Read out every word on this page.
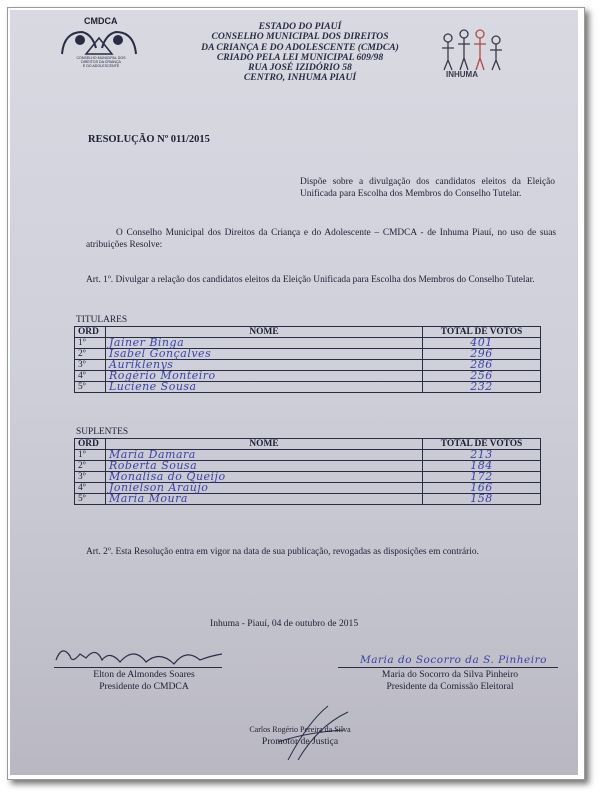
CMDCA
CONSELHO MUNICIPAL DOS
DIREITOS DA CRIANÇA
E DO ADOLESCENTE
ESTADO DO PIAUÍ
CONSELHO MUNICIPAL DOS DIREITOS
DA CRIANÇA E DO ADOLESCENTE (CMDCA)
CRIADO PELA LEI MUNICIPAL 609/98
RUA JOSÉ IZIDÓRIO 58
CENTRO, INHUMA PIAUÍ	INHUMA
RESOLUÇÃO Nº 011/2015
Dispõe sobre a divulgação dos candidatos eleitos da Eleição Unificada para Escolha dos Membros do Conselho Tutelar.
O Conselho Municipal dos Direitos da Criança e do Adolescente – CMDCA - de Inhuma Piauí, no uso de suas atribuições Resolve:
Art. 1º. Divulgar a relação dos candidatos eleitos da Eleição Unificada para Escolha dos Membros do Conselho Tutelar.
TITULARES
ORD	NOME	TOTAL DE VOTOS
1º	Jainer Binga	401
2º	Isabel Gonçalves	296
3º	Auriklenys	286
4º	Rogério Monteiro	256
5º	Luciene Sousa	232
SUPLENTES
ORD	NOME	TOTAL DE VOTOS
1º	Maria Damara	213
2º	Roberta Sousa	184
3º	Monalisa do Queijo	172
4º	Jonielson Araújo	166
5º	Maria Moura	158
Art. 2º. Esta Resolução entra em vigor na data de sua publicação, revogadas as disposições em contrário.
Inhuma - Piauí, 04 de outubro de 2015
Elton de Almondes Soares
Presidente do CMDCA
Maria do Socorro da S. Pinheiro
Maria do Socorro da Silva Pinheiro
Presidente da Comissão Eleitoral
Carlos Rogério Pereira da Silva
Promotor de Justiça
